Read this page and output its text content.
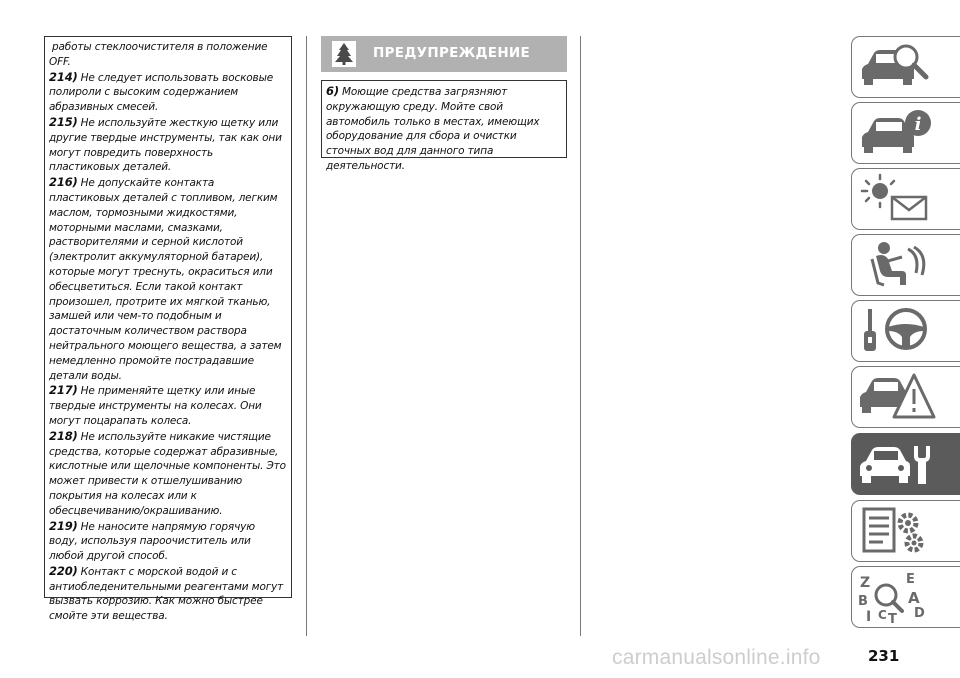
работы стеклоочистителя в положение OFF.

214) Не следует использовать восковые полироли с высоким содержанием абразивных смесей.

215) Не используйте жесткую щетку или другие твердые инструменты, так как они могут повредить поверхность пластиковых деталей.

216) Не допускайте контакта пластиковых деталей с топливом, легким маслом, тормозными жидкостями, моторными маслами, смазками, растворителями и серной кислотой (электролит аккумуляторной батареи), которые могут треснуть, окраситься или обесцветиться. Если такой контакт произошел, протрите их мягкой тканью, замшей или чем-то подобным и достаточным количеством раствора нейтрального моющего вещества, а затем немедленно промойте пострадавшие детали воды.

217) Не применяйте щетку или иные твердые инструменты на колесах. Они могут поцарапать колеса.

218) Не используйте никакие чистящие средства, которые содержат абразивные, кислотные или щелочные компоненты. Это может привести к отшелушиванию покрытия на колесах или к обесцвечиванию/окрашиванию.

219) Не наносите напрямую горячую воду, используя пароочиститель или любой другой способ.

220) Контакт с морской водой и с антиобледенительными реагентами могут вызвать коррозию. Как можно быстрее смойте эти вещества.

ПРЕДУПРЕЖДЕНИЕ
6) Моющие средства загрязняют окружающую среду. Мойте свой автомобиль только в местах, имеющих оборудование для сбора и очистки сточных вод для данного типа деятельности.
i
Z	E
B	A
D
I C T
231
carmanualsonline.info
